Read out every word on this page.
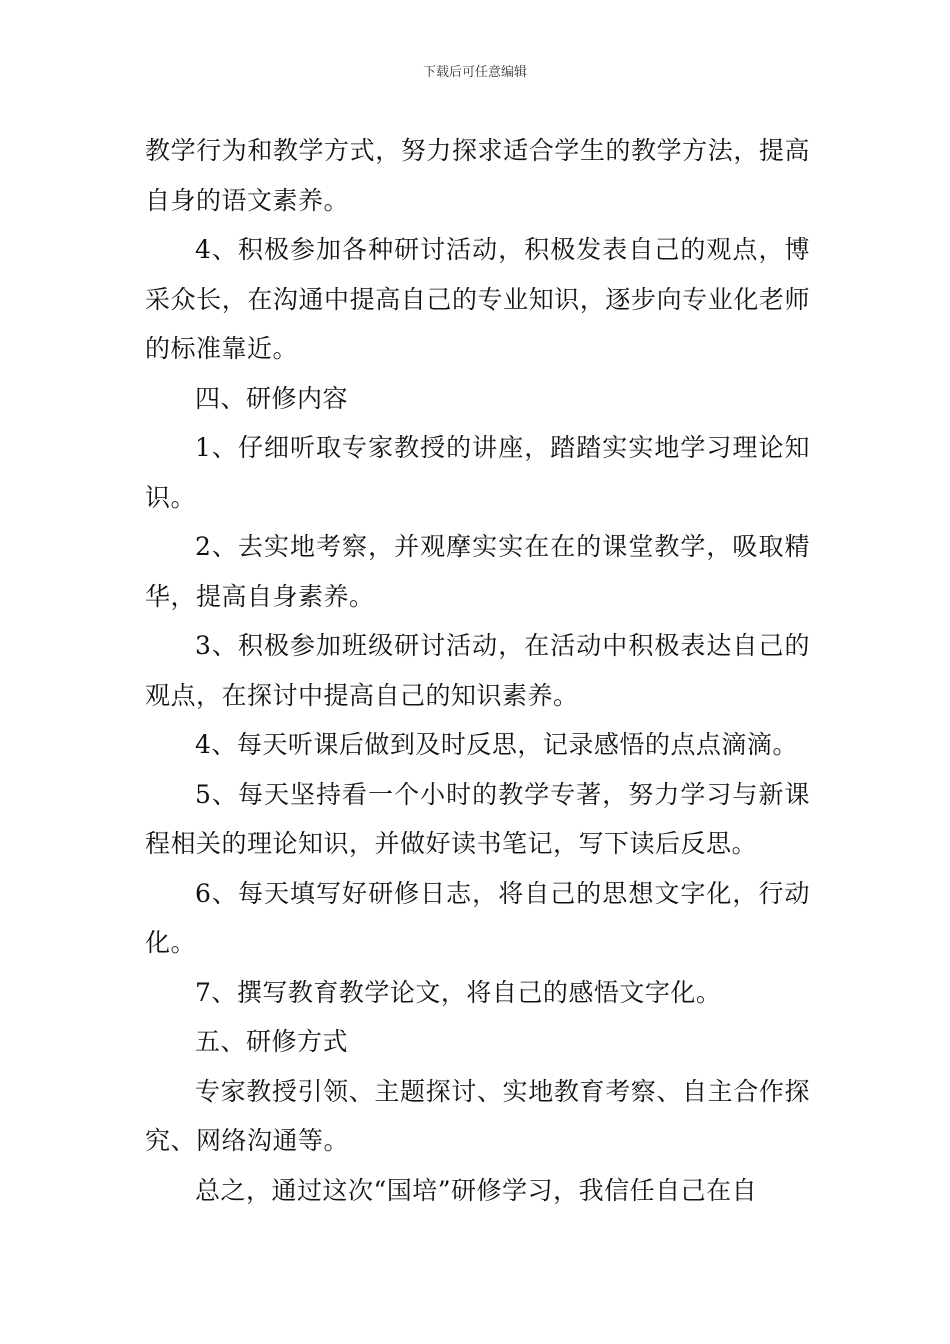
下载后可任意编辑

教学行为和教学方式，努力探求适合学生的教学方法，提高自身的语文素养。

4、积极参加各种研讨活动，积极发表自己的观点，博采众长，在沟通中提高自己的专业知识，逐步向专业化老师的标准靠近。

四、研修内容

1、仔细听取专家教授的讲座，踏踏实实地学习理论知识。

2、去实地考察，并观摩实实在在的课堂教学，吸取精华，提高自身素养。

3、积极参加班级研讨活动，在活动中积极表达自己的观点，在探讨中提高自己的知识素养。

4、每天听课后做到及时反思，记录感悟的点点滴滴。

5、每天坚持看一个小时的教学专著，努力学习与新课程相关的理论知识，并做好读书笔记，写下读后反思。

6、每天填写好研修日志，将自己的思想文字化，行动化。

7、撰写教育教学论文，将自己的感悟文字化。

五、研修方式

专家教授引领、主题探讨、实地教育考察、自主合作探究、网络沟通等。

总之，通过这次“国培”研修学习，我信任自己在自
